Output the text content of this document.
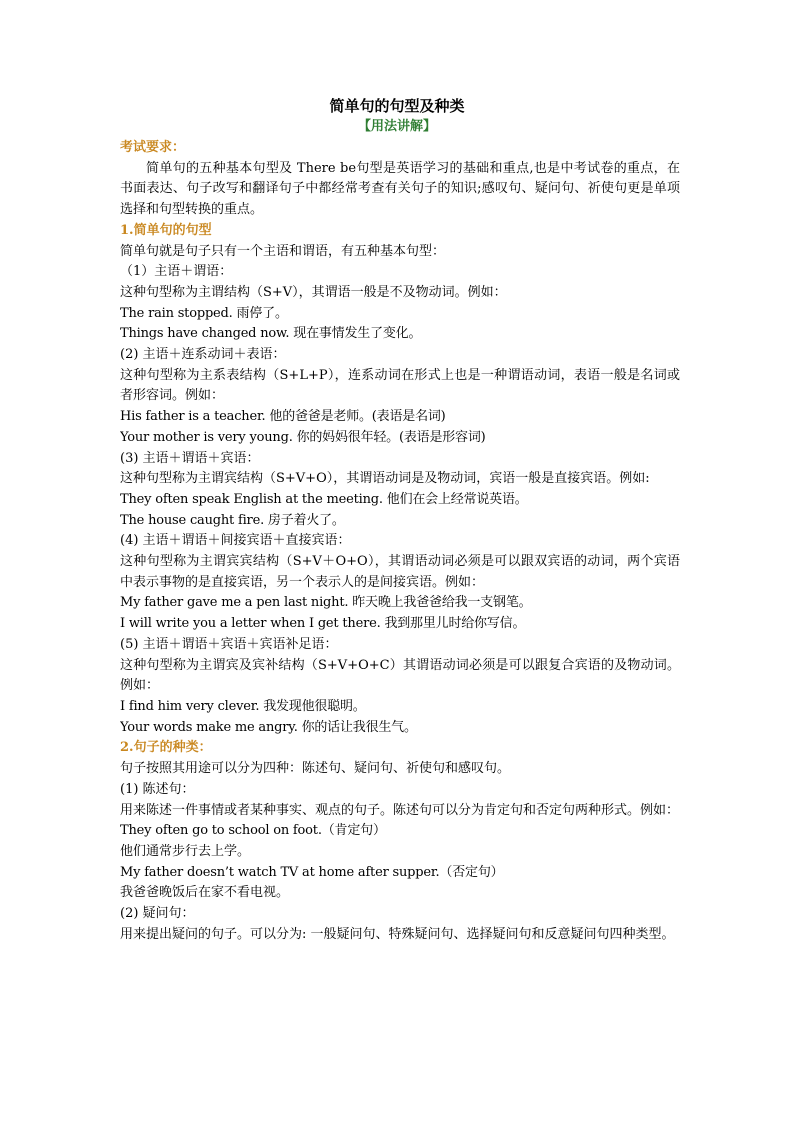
简单句的句型及种类
【用法讲解】
考试要求：
简单句的五种基本句型及 There be句型是英语学习的基础和重点,也是中考试卷的重点，在书面表达、句子改写和翻译句子中都经常考查有关句子的知识;感叹句、疑问句、祈使句更是单项选择和句型转换的重点。
1.简单句的句型
简单句就是句子只有一个主语和谓语，有五种基本句型：
（1）主语＋谓语：
这种句型称为主谓结构（S+V），其谓语一般是不及物动词。例如：
The rain stopped. 雨停了。
Things have changed now. 现在事情发生了变化。
(2) 主语＋连系动词＋表语：
这种句型称为主系表结构（S+L+P），连系动词在形式上也是一种谓语动词，表语一般是名词或者形容词。例如：
His father is a teacher. 他的爸爸是老师。(表语是名词)
Your mother is very young. 你的妈妈很年轻。(表语是形容词)
(3) 主语＋谓语＋宾语：
这种句型称为主谓宾结构（S+V+O），其谓语动词是及物动词，宾语一般是直接宾语。例如:
They often speak English at the meeting. 他们在会上经常说英语。
The house caught fire. 房子着火了。
(4) 主语＋谓语＋间接宾语＋直接宾语：
这种句型称为主谓宾宾结构（S+V＋O+O），其谓语动词必须是可以跟双宾语的动词，两个宾语中表示事物的是直接宾语，另一个表示人的是间接宾语。例如：
My father gave me a pen last night. 昨天晚上我爸爸给我一支钢笔。
I will write you a letter when I get there. 我到那里儿时给你写信。
(5) 主语＋谓语＋宾语＋宾语补足语：
这种句型称为主谓宾及宾补结构（S+V+O+C）其谓语动词必须是可以跟复合宾语的及物动词。例如：
I find him very clever. 我发现他很聪明。
Your words make me angry. 你的话让我很生气。
2.句子的种类：
句子按照其用途可以分为四种：陈述句、疑问句、祈使句和感叹句。
(1) 陈述句：
用来陈述一件事情或者某种事实、观点的句子。陈述句可以分为肯定句和否定句两种形式。例如：
They often go to school on foot.（肯定句）
他们通常步行去上学。
My father doesn’t watch TV at home after supper.（否定句）
我爸爸晚饭后在家不看电视。
(2) 疑问句：
用来提出疑问的句子。可以分为: 一般疑问句、特殊疑问句、选择疑问句和反意疑问句四种类型。
